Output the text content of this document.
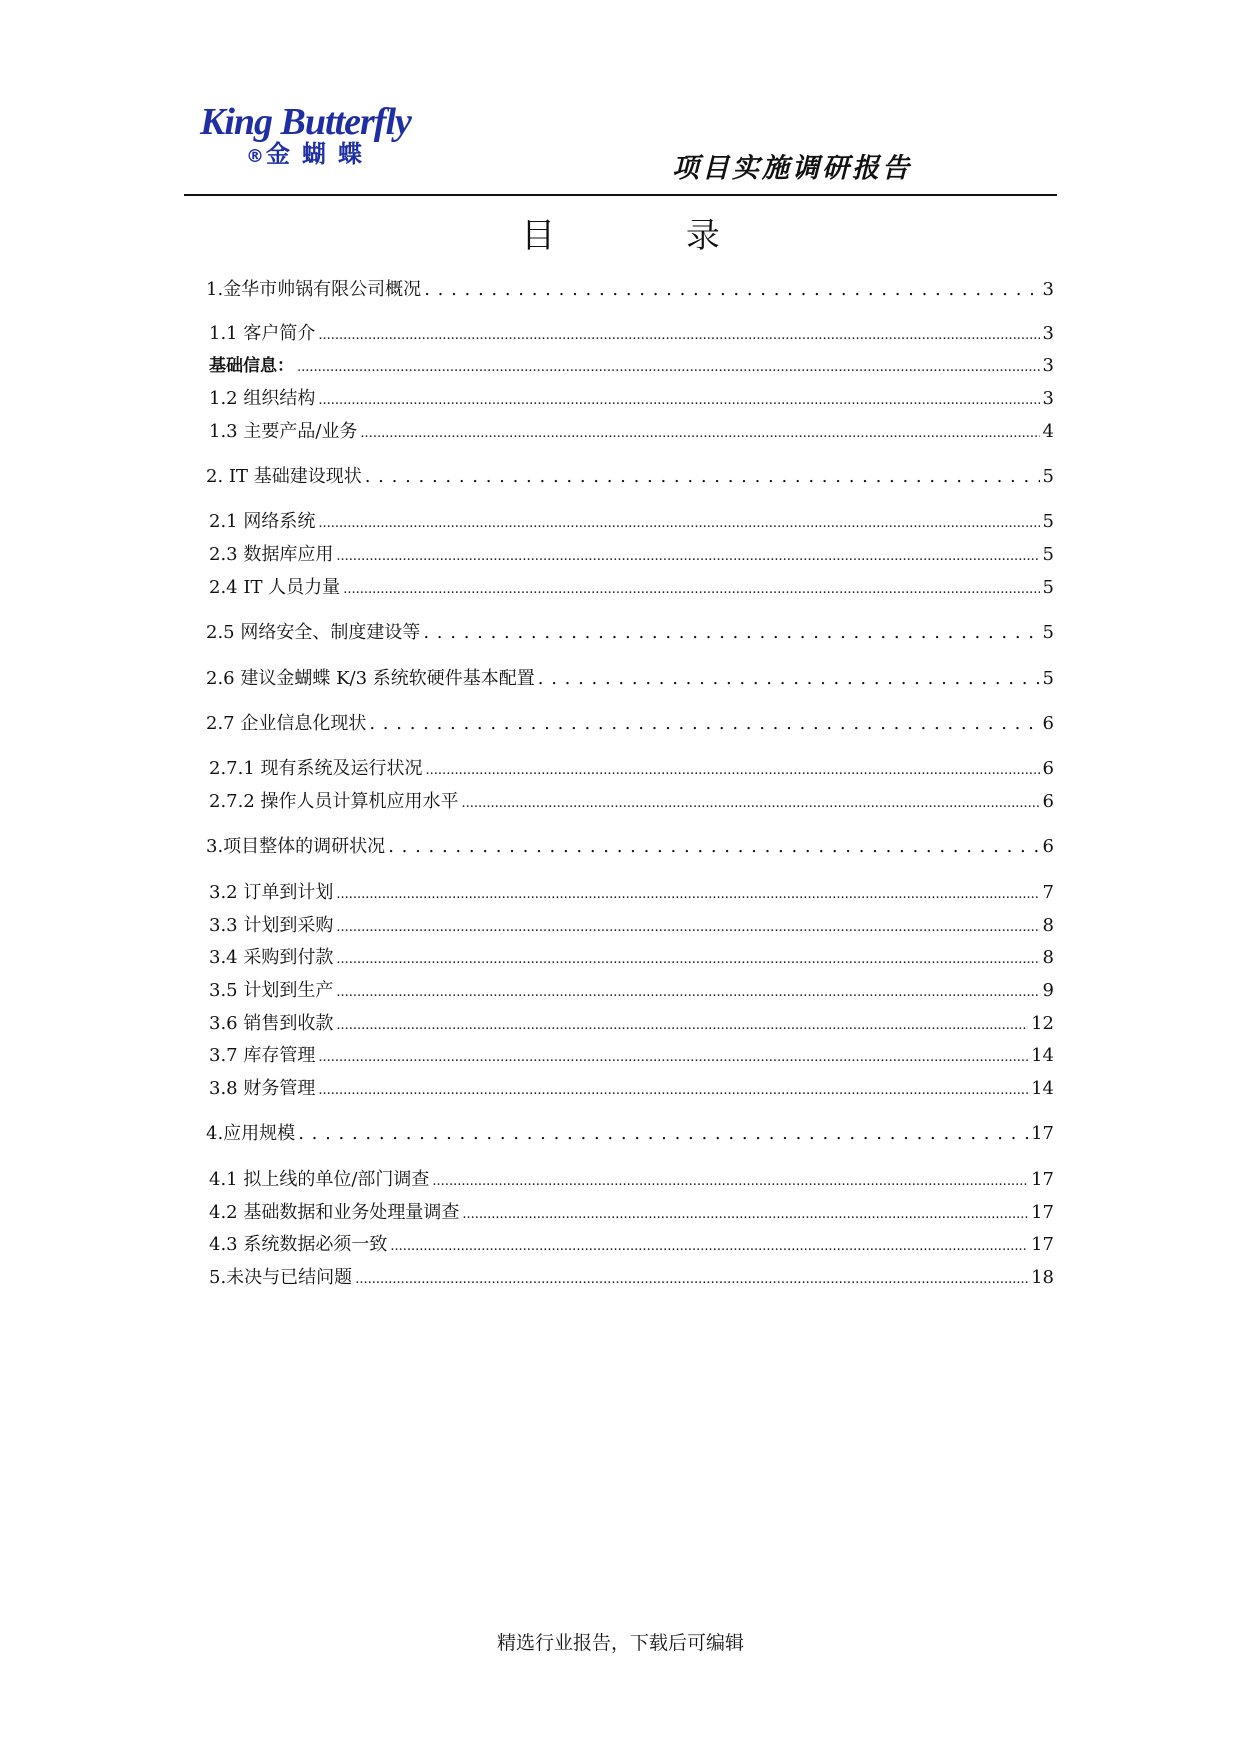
King Butterfly
®金蝴蝶	项目实施调研报告
目 录
1.金华市帅锅有限公司概况 . . .	3
1.1 客户简介 .....	3
基础信息： .....	3
1.2 组织结构 .....	3
1.3 主要产品/业务 .....	4
2. IT 基础建设现状 . . .	5
2.1 网络系统 .....	5
2.3 数据库应用 .....	5
2.4 IT 人员力量 .....	5
2.5 网络安全、制度建设等 . . .	5
2.6 建议金蝴蝶 K/3 系统软硬件基本配置 . . .	5
2.7 企业信息化现状 . . .	6
2.7.1 现有系统及运行状况 .....	6
2.7.2 操作人员计算机应用水平 .....	6
3.项目整体的调研状况 . . .	6
3.2 订单到计划 .....	7
3.3 计划到采购 .....	8
3.4 采购到付款 .....	8
3.5 计划到生产 .....	9
3.6 销售到收款 .....	12
3.7 库存管理 .....	14
3.8 财务管理 .....	14
4.应用规模 . . .	17
4.1 拟上线的单位/部门调查 .....	17
4.2 基础数据和业务处理量调查 .....	17
4.3 系统数据必须一致 .....	17
5.未决与已结问题 .....	18
精选行业报告，下载后可编辑
